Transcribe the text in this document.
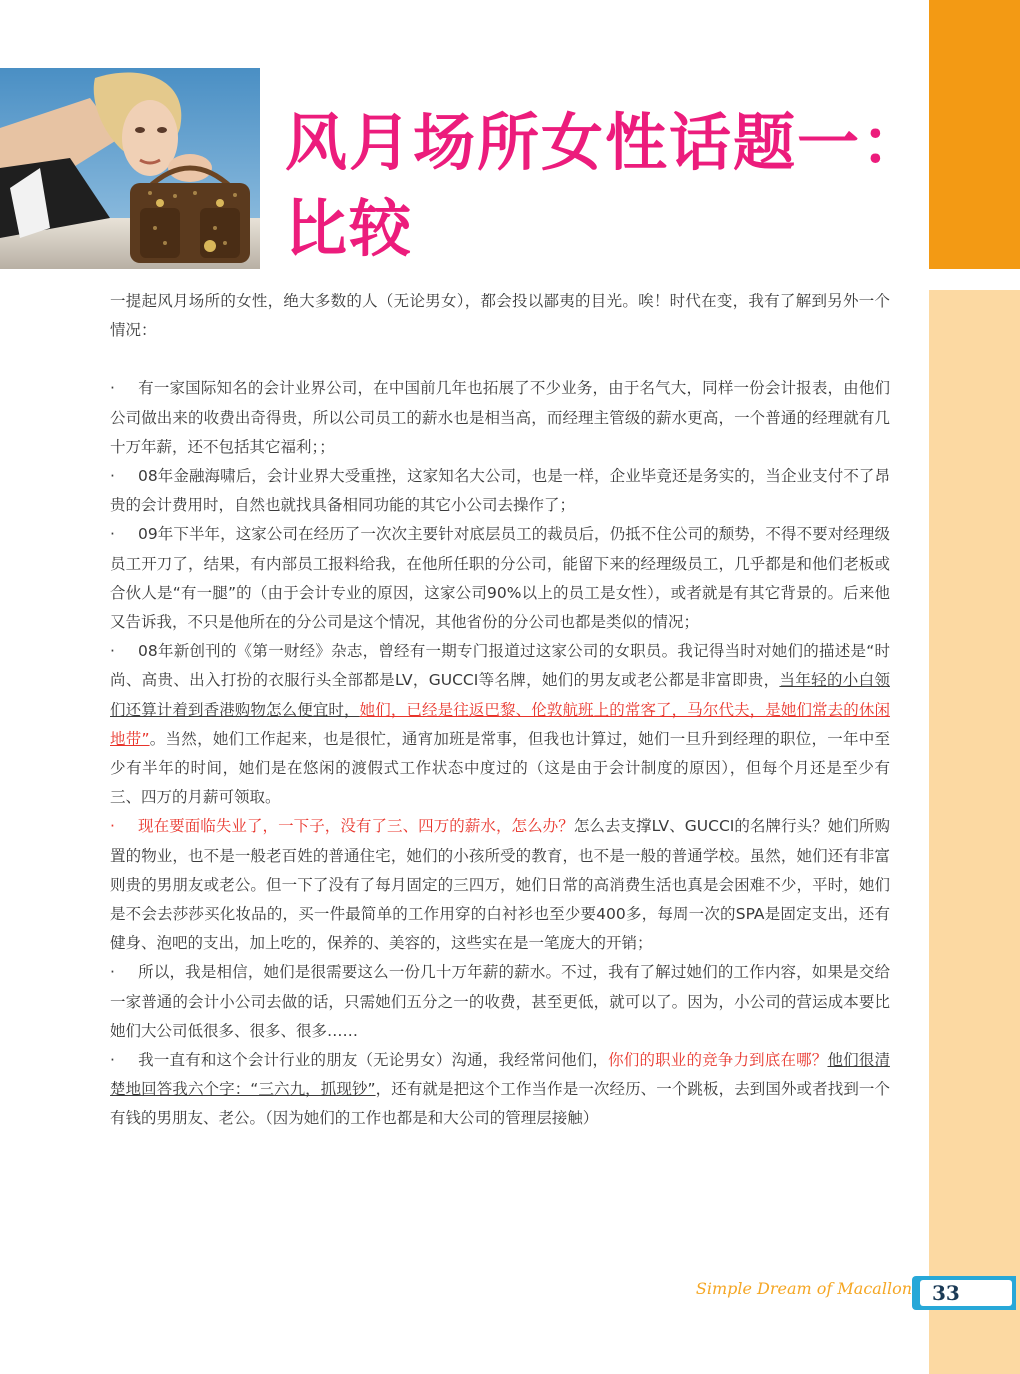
风月场所女性话题一：
比较

一提起风月场所的女性，绝大多数的人（无论男女），都会投以鄙夷的目光。唉！时代在变，我有了解到另外一个情况：

· 有一家国际知名的会计业界公司，在中国前几年也拓展了不少业务，由于名气大，同样一份会计报表，由他们公司做出来的收费出奇得贵，所以公司员工的薪水也是相当高，而经理主管级的薪水更高，一个普通的经理就有几十万年薪，还不包括其它福利；；

· 08年金融海啸后，会计业界大受重挫，这家知名大公司，也是一样，企业毕竟还是务实的，当企业支付不了昂贵的会计费用时，自然也就找具备相同功能的其它小公司去操作了；

· 09年下半年，这家公司在经历了一次次主要针对底层员工的裁员后，仍抵不住公司的颓势，不得不要对经理级员工开刀了，结果，有内部员工报料给我，在他所任职的分公司，能留下来的经理级员工，几乎都是和他们老板或合伙人是“有一腿”的（由于会计专业的原因，这家公司90%以上的员工是女性），或者就是有其它背景的。后来他又告诉我，不只是他所在的分公司是这个情况，其他省份的分公司也都是类似的情况；

· 08年新创刊的《第一财经》杂志，曾经有一期专门报道过这家公司的女职员。我记得当时对她们的描述是“时尚、高贵、出入打扮的衣服行头全部都是LV，GUCCI等名牌，她们的男友或老公都是非富即贵，当年轻的小白领们还算计着到香港购物怎么便宜时，她们，已经是往返巴黎、伦敦航班上的常客了，马尔代夫，是她们常去的休闲地带”。当然，她们工作起来，也是很忙，通宵加班是常事，但我也计算过，她们一旦升到经理的职位，一年中至少有半年的时间，她们是在悠闲的渡假式工作状态中度过的（这是由于会计制度的原因），但每个月还是至少有三、四万的月薪可领取。

· 现在要面临失业了，一下子，没有了三、四万的薪水，怎么办？怎么去支撑LV、GUCCI的名牌行头？她们所购置的物业，也不是一般老百姓的普通住宅，她们的小孩所受的教育，也不是一般的普通学校。虽然，她们还有非富则贵的男朋友或老公。但一下了没有了每月固定的三四万，她们日常的高消费生活也真是会困难不少，平时，她们是不会去莎莎买化妆品的，买一件最简单的工作用穿的白衬衫也至少要400多，每周一次的SPA是固定支出，还有健身、泡吧的支出，加上吃的，保养的、美容的，这些实在是一笔庞大的开销；

· 所以，我是相信，她们是很需要这么一份几十万年薪的薪水。不过，我有了解过她们的工作内容，如果是交给一家普通的会计小公司去做的话，只需她们五分之一的收费，甚至更低，就可以了。因为，小公司的营运成本要比她们大公司低很多、很多、很多……

· 我一直有和这个会计行业的朋友（无论男女）沟通，我经常问他们，你们的职业的竞争力到底在哪？他们很清楚地回答我六个字：“三六九，抓现钞”，还有就是把这个工作当作是一次经历、一个跳板，去到国外或者找到一个有钱的男朋友、老公。（因为她们的工作也都是和大公司的管理层接触）

Simple Dream of Macallon	33
